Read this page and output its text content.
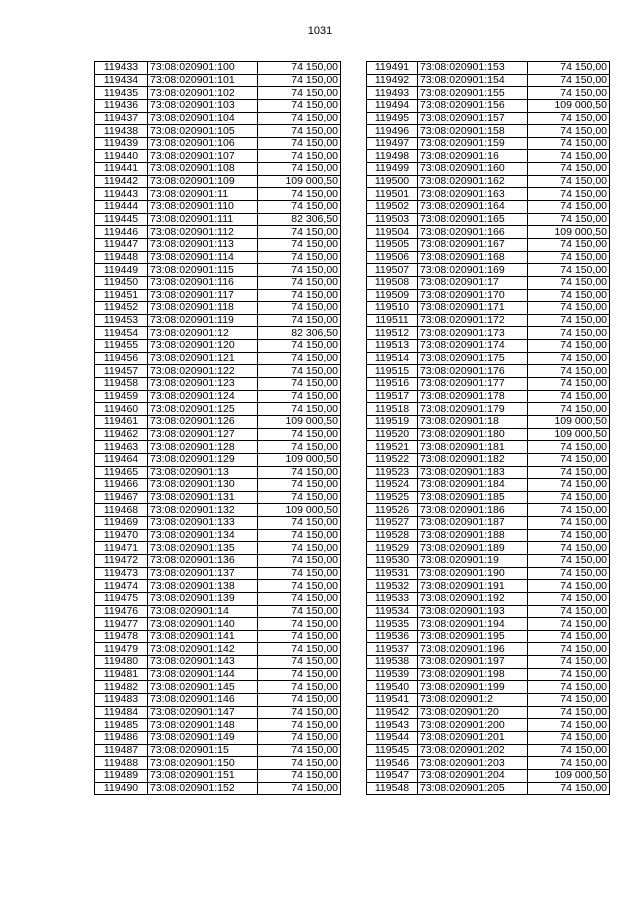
1031
119433	73:08:020901:100	74 150,00
119434	73:08:020901:101	74 150,00
119435	73:08:020901:102	74 150,00
119436	73:08:020901:103	74 150,00
119437	73:08:020901:104	74 150,00
119438	73:08:020901:105	74 150,00
119439	73:08:020901:106	74 150,00
119440	73:08:020901:107	74 150,00
119441	73:08:020901:108	74 150,00
119442	73:08:020901:109	109 000,50
119443	73:08:020901:11	74 150,00
119444	73:08:020901:110	74 150,00
119445	73:08:020901:111	82 306,50
119446	73:08:020901:112	74 150,00
119447	73:08:020901:113	74 150,00
119448	73:08:020901:114	74 150,00
119449	73:08:020901:115	74 150,00
119450	73:08:020901:116	74 150,00
119451	73:08:020901:117	74 150,00
119452	73:08:020901:118	74 150,00
119453	73:08:020901:119	74 150,00
119454	73:08:020901:12	82 306,50
119455	73:08:020901:120	74 150,00
119456	73:08:020901:121	74 150,00
119457	73:08:020901:122	74 150,00
119458	73:08:020901:123	74 150,00
119459	73:08:020901:124	74 150,00
119460	73:08:020901:125	74 150,00
119461	73:08:020901:126	109 000,50
119462	73:08:020901:127	74 150,00
119463	73:08:020901:128	74 150,00
119464	73:08:020901:129	109 000,50
119465	73:08:020901:13	74 150,00
119466	73:08:020901:130	74 150,00
119467	73:08:020901:131	74 150,00
119468	73:08:020901:132	109 000,50
119469	73:08:020901:133	74 150,00
119470	73:08:020901:134	74 150,00
119471	73:08:020901:135	74 150,00
119472	73:08:020901:136	74 150,00
119473	73:08:020901:137	74 150,00
119474	73:08:020901:138	74 150,00
119475	73:08:020901:139	74 150,00
119476	73:08:020901:14	74 150,00
119477	73:08:020901:140	74 150,00
119478	73:08:020901:141	74 150,00
119479	73:08:020901:142	74 150,00
119480	73:08:020901:143	74 150,00
119481	73:08:020901:144	74 150,00
119482	73:08:020901:145	74 150,00
119483	73:08:020901:146	74 150,00
119484	73:08:020901:147	74 150,00
119485	73:08:020901:148	74 150,00
119486	73:08:020901:149	74 150,00
119487	73:08:020901:15	74 150,00
119488	73:08:020901:150	74 150,00
119489	73:08:020901:151	74 150,00
119490	73:08:020901:152	74 150,00
119491	73:08:020901:153	74 150,00
119492	73:08:020901:154	74 150,00
119493	73:08:020901:155	74 150,00
119494	73:08:020901:156	109 000,50
119495	73:08:020901:157	74 150,00
119496	73:08:020901:158	74 150,00
119497	73:08:020901:159	74 150,00
119498	73:08:020901:16	74 150,00
119499	73:08:020901:160	74 150,00
119500	73:08:020901:162	74 150,00
119501	73:08:020901:163	74 150,00
119502	73:08:020901:164	74 150,00
119503	73:08:020901:165	74 150,00
119504	73:08:020901:166	109 000,50
119505	73:08:020901:167	74 150,00
119506	73:08:020901:168	74 150,00
119507	73:08:020901:169	74 150,00
119508	73:08:020901:17	74 150,00
119509	73:08:020901:170	74 150,00
119510	73:08:020901:171	74 150,00
119511	73:08:020901:172	74 150,00
119512	73:08:020901:173	74 150,00
119513	73:08:020901:174	74 150,00
119514	73:08:020901:175	74 150,00
119515	73:08:020901:176	74 150,00
119516	73:08:020901:177	74 150,00
119517	73:08:020901:178	74 150,00
119518	73:08:020901:179	74 150,00
119519	73:08:020901:18	109 000,50
119520	73:08:020901:180	109 000,50
119521	73:08:020901:181	74 150,00
119522	73:08:020901:182	74 150,00
119523	73:08:020901:183	74 150,00
119524	73:08:020901:184	74 150,00
119525	73:08:020901:185	74 150,00
119526	73:08:020901:186	74 150,00
119527	73:08:020901:187	74 150,00
119528	73:08:020901:188	74 150,00
119529	73:08:020901:189	74 150,00
119530	73:08:020901:19	74 150,00
119531	73:08:020901:190	74 150,00
119532	73:08:020901:191	74 150,00
119533	73:08:020901:192	74 150,00
119534	73:08:020901:193	74 150,00
119535	73:08:020901:194	74 150,00
119536	73:08:020901:195	74 150,00
119537	73:08:020901:196	74 150,00
119538	73:08:020901:197	74 150,00
119539	73:08:020901:198	74 150,00
119540	73:08:020901:199	74 150,00
119541	73:08:020901:2	74 150,00
119542	73:08:020901:20	74 150,00
119543	73:08:020901:200	74 150,00
119544	73:08:020901:201	74 150,00
119545	73:08:020901:202	74 150,00
119546	73:08:020901:203	74 150,00
119547	73:08:020901:204	109 000,50
119548	73:08:020901:205	74 150,00
